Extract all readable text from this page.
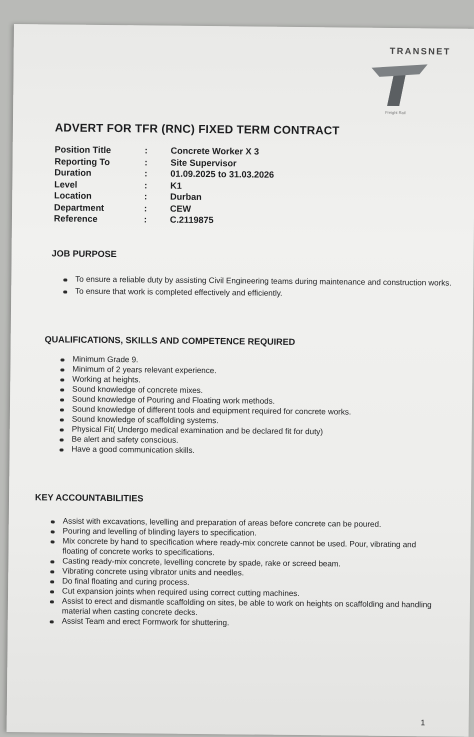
TRANSNET
Freight Rail
ADVERT FOR TFR (RNC) FIXED TERM CONTRACT
Position Title	:	Concrete Worker X 3
Reporting To	:	Site Supervisor
Duration	:	01.09.2025 to 31.03.2026
Level	:	K1
Location	:	Durban
Department	:	CEW
Reference	:	C.2119875
JOB PURPOSE
To ensure a reliable duty by assisting Civil Engineering teams during maintenance and construction works.
To ensure that work is completed effectively and efficiently.
QUALIFICATIONS, SKILLS AND COMPETENCE REQUIRED
Minimum Grade 9.
Minimum of 2 years relevant experience.
Working at heights.
Sound knowledge of concrete mixes.
Sound knowledge of Pouring and Floating work methods.
Sound knowledge of different tools and equipment required for concrete works.
Sound knowledge of scaffolding systems.
Physical Fit( Undergo medical examination and be declared fit for duty)
Be alert and safety conscious.
Have a good communication skills.
KEY ACCOUNTABILITIES
Assist with excavations, levelling and preparation of areas before concrete can be poured.
Pouring and levelling of blinding layers to specification.
Mix concrete by hand to specification where ready-mix concrete cannot be used. Pour, vibrating and floating of concrete works to specifications.
Casting ready-mix concrete, levelling concrete by spade, rake or screed beam.
Vibrating concrete using vibrator units and needles.
Do final floating and curing process.
Cut expansion joints when required using correct cutting machines.
Assist to erect and dismantle scaffolding on sites, be able to work on heights on scaffolding and handling material when casting concrete decks.
Assist Team and erect Formwork for shuttering.
1
